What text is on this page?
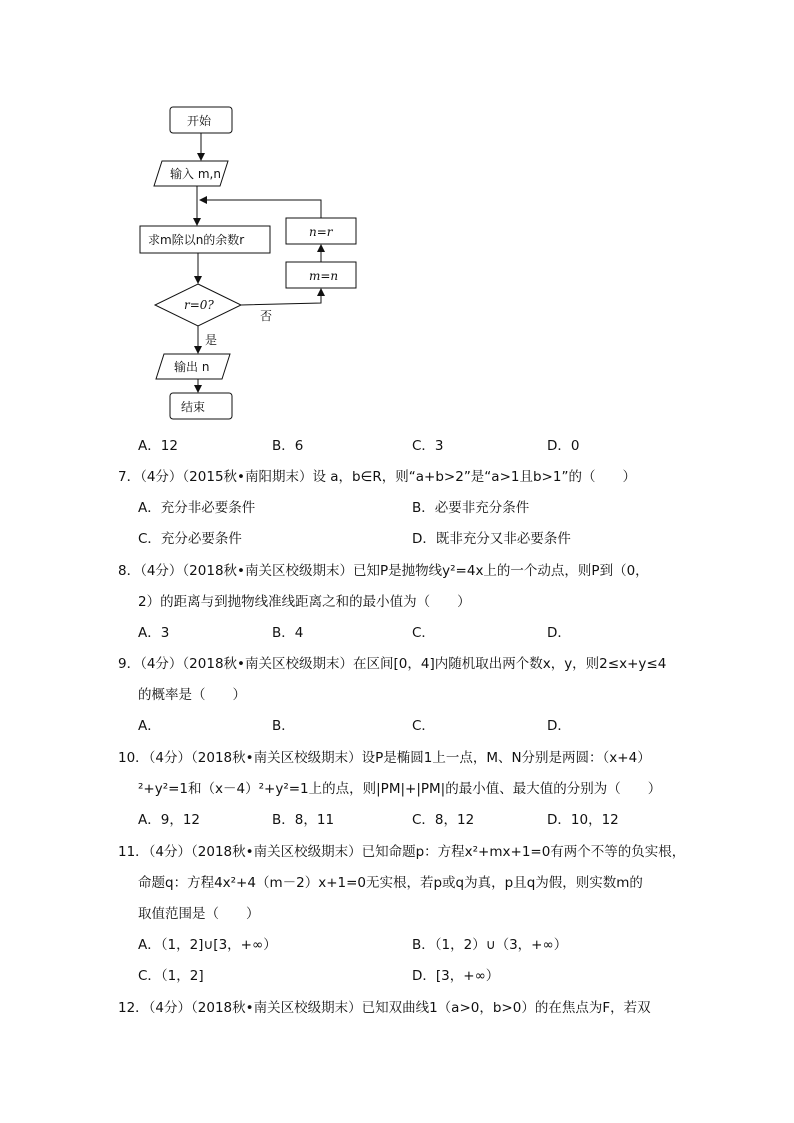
开始
输入 m,n
求m除以n的余数r
n=r
m=n
r=0?
是
否
输出 n
结束
A．12	B．6	C．3	D．0
7．（4分）（2015秋•南阳期末）设 a，b∈R，则“a+b>2”是“a>1且b>1”的（　　）
A．充分非必要条件	B．必要非充分条件
C．充分必要条件	D．既非充分又非必要条件
8．（4分）（2018秋•南关区校级期末）已知P是抛物线y²=4x上的一个动点，则P到（0，
2）的距离与到抛物线准线距离之和的最小值为（　　）
A．3	B．4	C．	D．
9．（4分）（2018秋•南关区校级期末）在区间[0，4]内随机取出两个数x，y，则2≤x+y≤4
的概率是（　　）
A．	B．	C．	D．
10．（4分）（2018秋•南关区校级期末）设P是椭圆1上一点，M、N分别是两圆：（x+4）
²+y²=1和（x－4）²+y²=1上的点，则|PM|+|PM|的最小值、最大值的分别为（　　）
A．9，12	B．8，11	C．8，12	D．10，12
11．（4分）（2018秋•南关区校级期末）已知命题p：方程x²+mx+1=0有两个不等的负实根，
命题q：方程4x²+4（m－2）x+1=0无实根，若p或q为真，p且q为假，则实数m的
取值范围是（　　）
A．（1，2]∪[3，+∞）	B．（1，2）∪（3，+∞）
C．（1，2]	D．[3，+∞）
12．（4分）（2018秋•南关区校级期末）已知双曲线1（a>0，b>0）的在焦点为F，若双
